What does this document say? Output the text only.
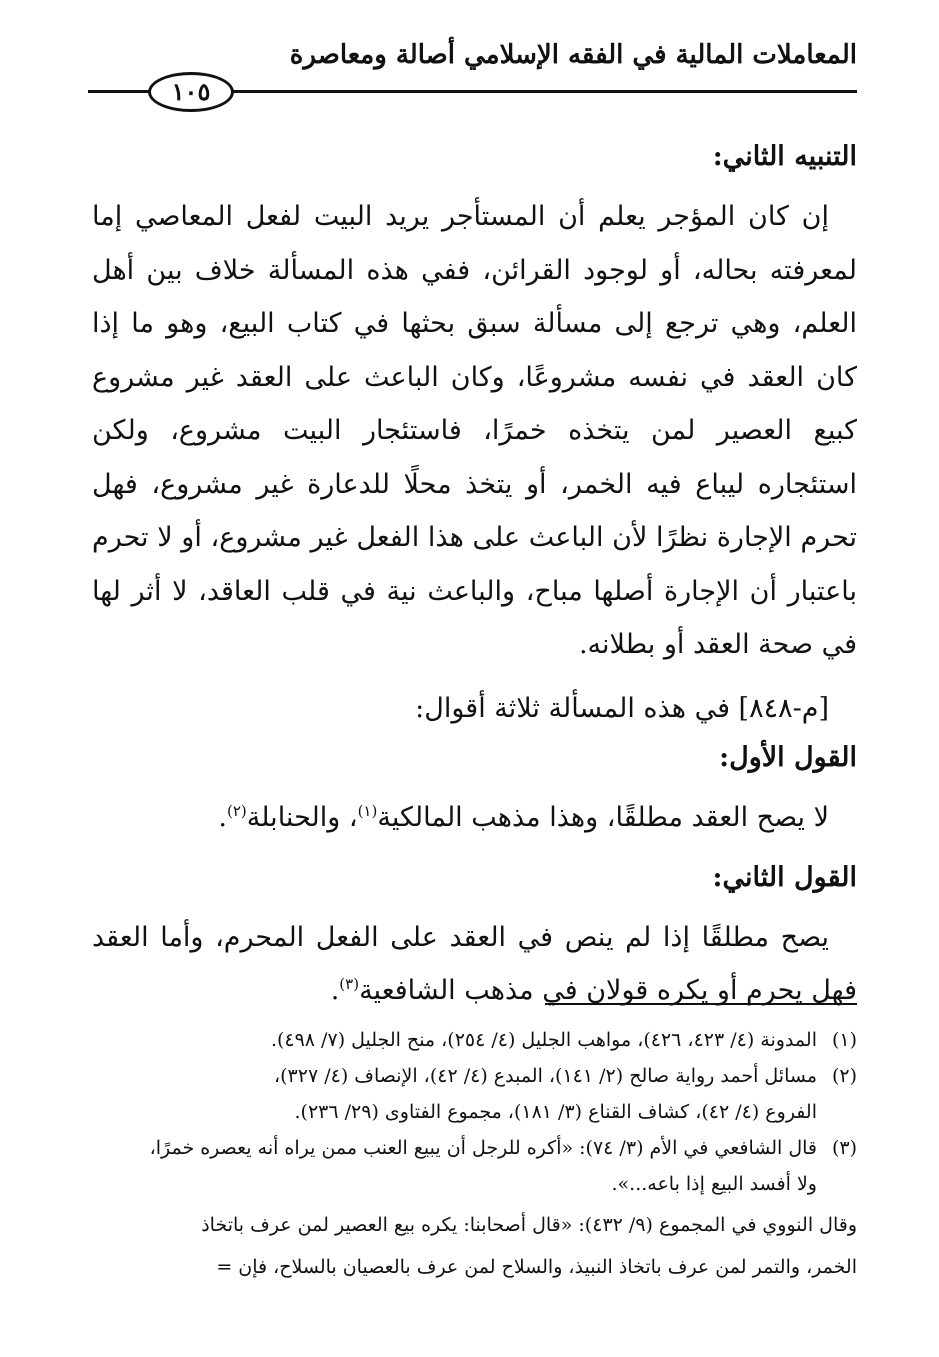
المعاملات المالية في الفقه الإسلامي أصالة ومعاصرة
١٠٥

التنبيه الثاني:

إن كان المؤجر يعلم أن المستأجر يريد البيت لفعل المعاصي إما لمعرفته بحاله، أو لوجود القرائن، ففي هذه المسألة خلاف بين أهل العلم، وهي ترجع إلى مسألة سبق بحثها في كتاب البيع، وهو ما إذا كان العقد في نفسه مشروعًا، وكان الباعث على العقد غير مشروع كبيع العصير لمن يتخذه خمرًا، فاستئجار البيت مشروع، ولكن استئجاره ليباع فيه الخمر، أو يتخذ محلًا للدعارة غير مشروع، فهل تحرم الإجارة نظرًا لأن الباعث على هذا الفعل غير مشروع، أو لا تحرم باعتبار أن الإجارة أصلها مباح، والباعث نية في قلب العاقد، لا أثر لها في صحة العقد أو بطلانه.

[م-٨٤٨] في هذه المسألة ثلاثة أقوال:

القول الأول:

لا يصح العقد مطلقًا، وهذا مذهب المالكية$^{(١)}$، والحنابلة$^{(٢)}$.

القول الثاني:

يصح مطلقًا إذا لم ينص في العقد على الفعل المحرم، وأما العقد فهل يحرم أو يكره قولان في مذهب الشافعية$^{(٣)}$.

(١)المدونة (٤/ ٤٢٣، ٤٢٦)، مواهب الجليل (٤/ ٢٥٤)، منح الجليل (٧/ ٤٩٨).

(٢)مسائل أحمد رواية صالح (٢/ ١٤١)، المبدع (٤/ ٤٢)، الإنصاف (٤/ ٣٢٧)،

الفروع (٤/ ٤٢)، كشاف القناع (٣/ ١٨١)، مجموع الفتاوى (٢٩/ ٢٣٦).

(٣)قال الشافعي في الأم (٣/ ٧٤): «أكره للرجل أن يبيع العنب ممن يراه أنه يعصره خمرًا،

ولا أفسد البيع إذا باعه...».

وقال النووي في المجموع (٩/ ٤٣٢): «قال أصحابنا: يكره بيع العصير لمن عرف باتخاذ

الخمر، والتمر لمن عرف باتخاذ النبيذ، والسلاح لمن عرف بالعصيان بالسلاح، فإن =
